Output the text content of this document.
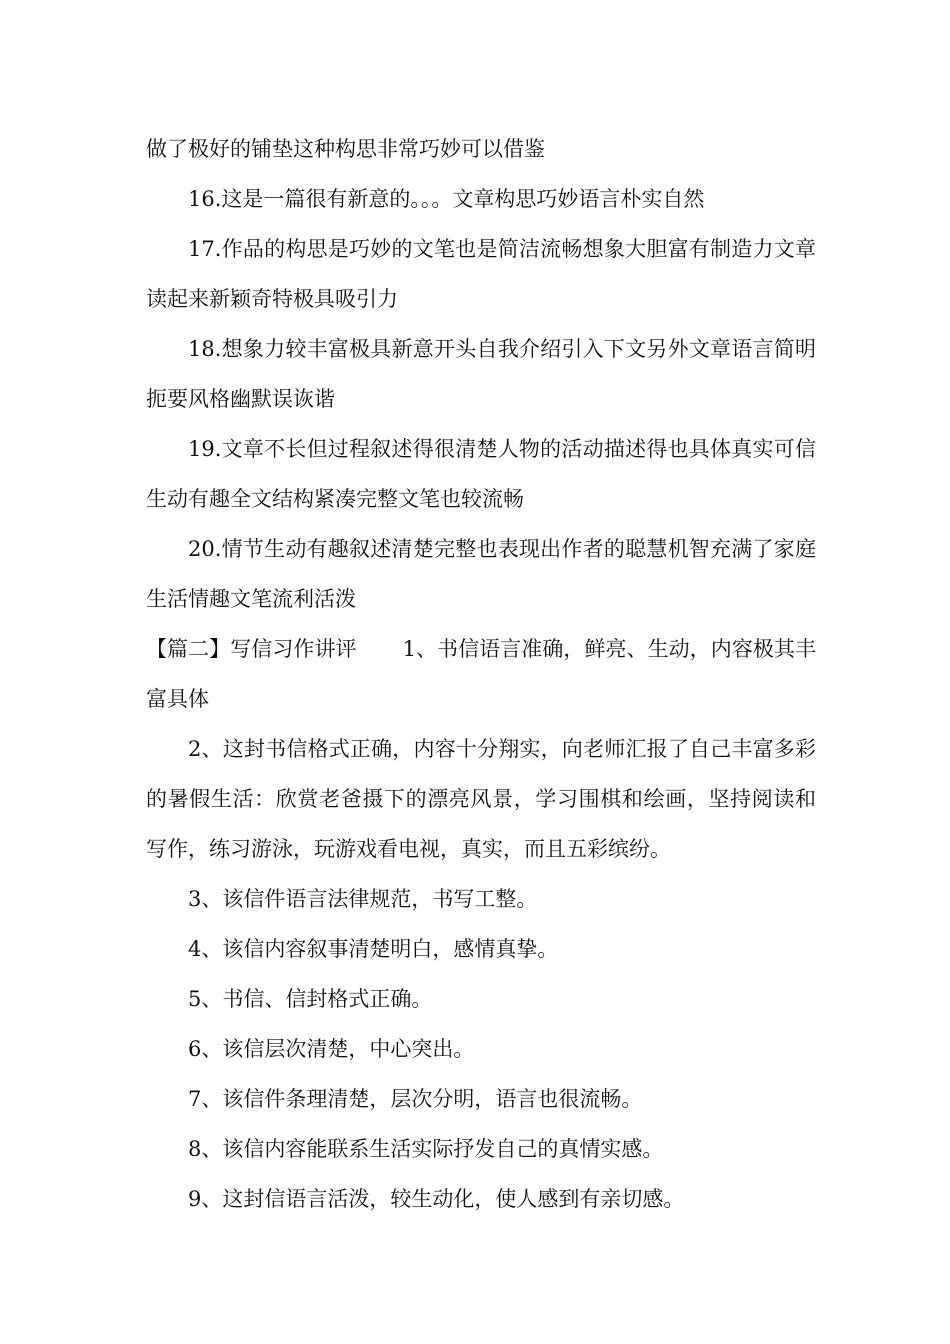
做了极好的铺垫这种构思非常巧妙可以借鉴

16.这是一篇很有新意的。。。文章构思巧妙语言朴实自然

17.作品的构思是巧妙的文笔也是简洁流畅想象大胆富有制造力文章读起来新颖奇特极具吸引力

18.想象力较丰富极具新意开头自我介绍引入下文另外文章语言简明扼要风格幽默误诙谐

19.文章不长但过程叙述得很清楚人物的活动描述得也具体真实可信生动有趣全文结构紧凑完整文笔也较流畅

20.情节生动有趣叙述清楚完整也表现出作者的聪慧机智充满了家庭生活情趣文笔流利活泼

【篇二】写信习作讲评 1、书信语言准确，鲜亮、生动，内容极其丰富具体

2、这封书信格式正确，内容十分翔实，向老师汇报了自己丰富多彩的暑假生活：欣赏老爸摄下的漂亮风景，学习围棋和绘画，坚持阅读和写作，练习游泳，玩游戏看电视，真实，而且五彩缤纷。

3、该信件语言法律规范，书写工整。

4、该信内容叙事清楚明白，感情真挚。

5、书信、信封格式正确。

6、该信层次清楚，中心突出。

7、该信件条理清楚，层次分明，语言也很流畅。

8、该信内容能联系生活实际抒发自己的真情实感。

9、这封信语言活泼，较生动化，使人感到有亲切感。
